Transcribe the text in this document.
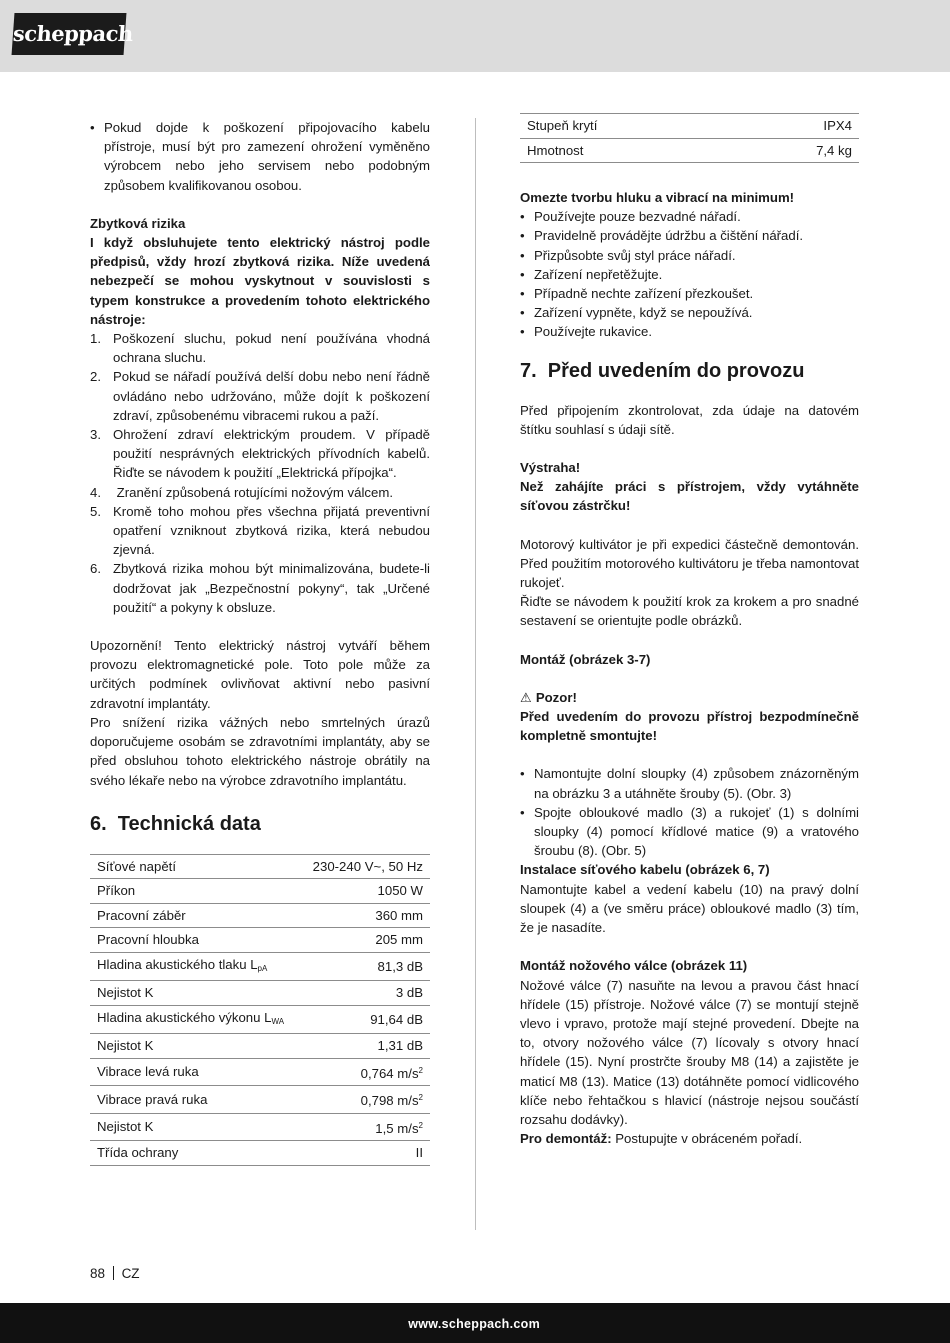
scheppach
• Pokud dojde k poškození připojovacího kabelu přístroje, musí být pro zamezení ohrožení vyměněno výrobcem nebo jeho servisem nebo podobným způsobem kvalifikovanou osobou.

Zbytková rizika

I když obsluhujete tento elektrický nástroj podle předpisů, vždy hrozí zbytková rizika. Níže uvedená nebezpečí se mohou vyskytnout v souvislosti s typem konstrukce a provedením tohoto elektrického nástroje:

1. Poškození sluchu, pokud není používána vhodná ochrana sluchu.
2. Pokud se nářadí používá delší dobu nebo není řádně ovládáno nebo udržováno, může dojít k poškození zdraví, způsobenému vibracemi rukou a paží.
3. Ohrožení zdraví elektrickým proudem. V případě použití nesprávných elektrických přívodních kabelů. Řiďte se návodem k použití „Elektrická přípojka“.
4. Zranění způsobená rotujícími nožovým válcem.
5. Kromě toho mohou přes všechna přijatá preventivní opatření vzniknout zbytková rizika, která nebudou zjevná.
6. Zbytková rizika mohou být minimalizována, budete-li dodržovat jak „Bezpečnostní pokyny“, tak „Určené použití“ a pokyny k obsluze.

Upozornění! Tento elektrický nástroj vytváří během provozu elektromagnetické pole. Toto pole může za určitých podmínek ovlivňovat aktivní nebo pasivní zdravotní implantáty.

Pro snížení rizika vážných nebo smrtelných úrazů doporučujeme osobám se zdravotními implantáty, aby se před obsluhou tohoto elektrického nástroje obrátily na svého lékaře nebo na výrobce zdravotního implantátu.

6.  Technická data
Síťové napětí	230-240 V~, 50 Hz
Příkon	1050 W
Pracovní záběr	360 mm
Pracovní hloubka	205 mm
Hladina akustického tlaku $L_{pA}$	81,3 dB
Nejistot K	3 dB
Hladina akustického výkonu $L_{WA}$	91,64 dB
Nejistot K	1,31 dB
Vibrace levá ruka	0,764 $m/s^2$
Vibrace pravá ruka	0,798 $m/s^2$
Nejistot K	1,5 $m/s^2$
Třída ochrany	II
Stupeň krytí	IPX4
Hmotnost	7,4 kg

Omezte tvorbu hluku a vibrací na minimum!

• Používejte pouze bezvadné nářadí.
• Pravidelně provádějte údržbu a čištění nářadí.
• Přizpůsobte svůj styl práce nářadí.
• Zařízení nepřetěžujte.
• Případně nechte zařízení přezkoušet.
• Zařízení vypněte, když se nepoužívá.
• Používejte rukavice.
7.  Před uvedením do provozu

Před připojením zkontrolovat, zda údaje na datovém štítku souhlasí s údaji sítě.

Výstraha!

Než zahájíte práci s přístrojem, vždy vytáhněte síťovou zástrčku!

Motorový kultivátor je při expedici částečně demontován. Před použitím motorového kultivátoru je třeba namontovat rukojeť.

Řiďte se návodem k použití krok za krokem a pro snadné sestavení se orientujte podle obrázků.

Montáž (obrázek 3-7)

⚠ Pozor!

Před uvedením do provozu přístroj bezpodmínečně kompletně smontujte!

• Namontujte dolní sloupky (4) způsobem znázorněným na obrázku 3 a utáhněte šrouby (5). (Obr. 3)
• Spojte obloukové madlo (3) a rukojeť (1) s dolními sloupky (4) pomocí křídlové matice (9) a vratového šroubu (8). (Obr. 5)

Instalace síťového kabelu (obrázek 6, 7)

Namontujte kabel a vedení kabelu (10) na pravý dolní sloupek (4) a (ve směru práce) obloukové madlo (3) tím, že je nasadíte.

Montáž nožového válce (obrázek 11)

Nožové válce (7) nasuňte na levou a pravou část hnací hřídele (15) přístroje. Nožové válce (7) se montují stejně vlevo i vpravo, protože mají stejné provedení. Dbejte na to, otvory nožového válce (7) lícovaly s otvory hnací hřídele (15). Nyní prostrčte šrouby M8 (14) a zajistěte je maticí M8 (13). Matice (13) dotáhněte pomocí vidlicového klíče nebo řehtačkou s hlavicí (nástroje nejsou součástí rozsahu dodávky).

Pro demontáž: Postupujte v obráceném pořadí.

88 CZ
www.scheppach.com
